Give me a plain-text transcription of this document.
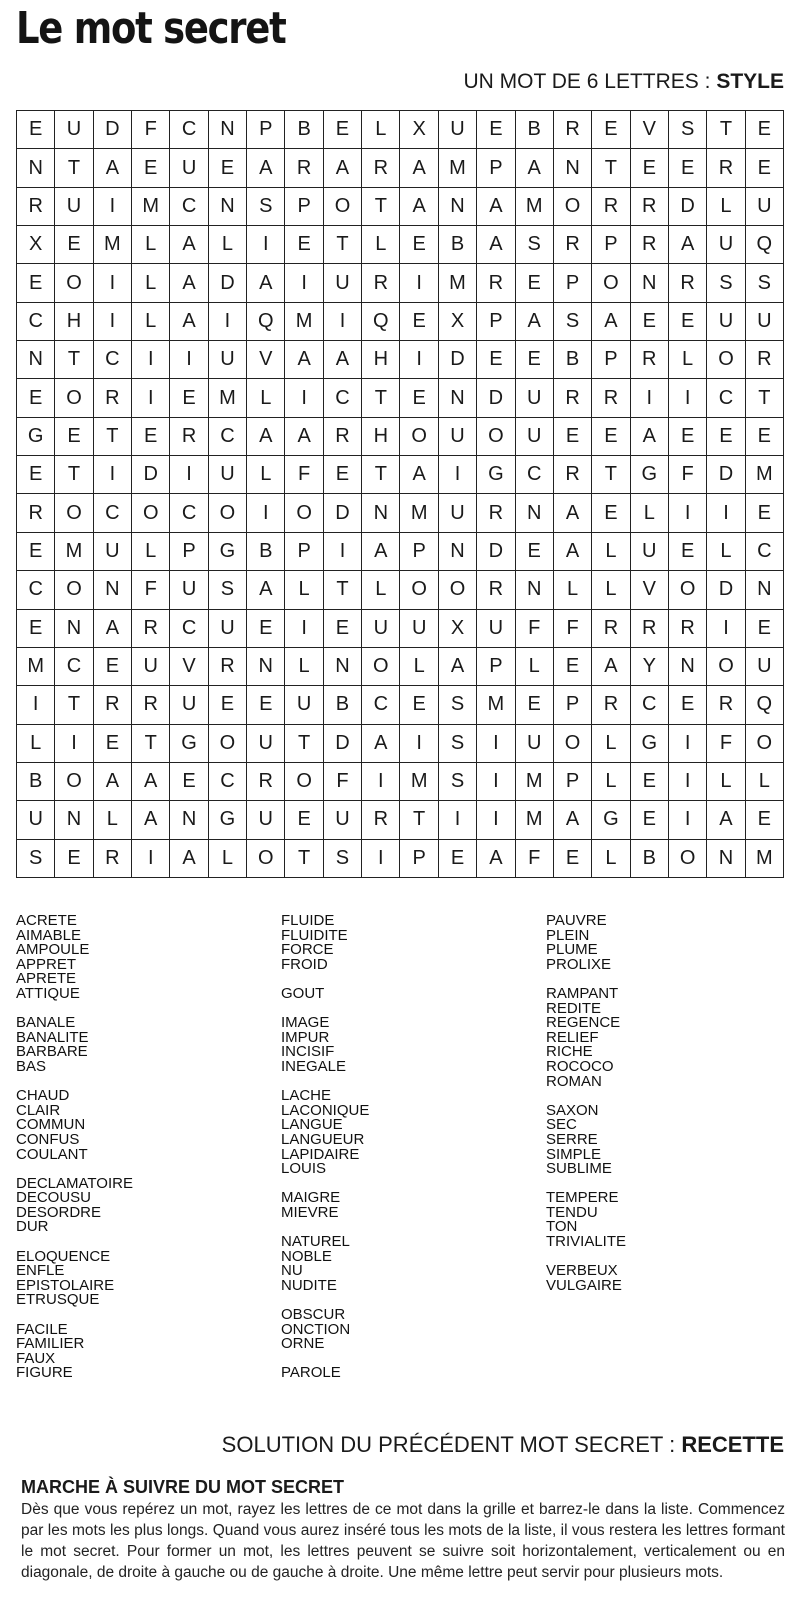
Le mot secret
UN MOT DE 6 LETTRES : STYLE
E	U	D	F	C	N	P	B	E	L	X	U	E	B	R	E	V	S	T	E
N	T	A	E	U	E	A	R	A	R	A	M	P	A	N	T	E	E	R	E
R	U	I	M	C	N	S	P	O	T	A	N	A	M	O	R	R	D	L	U
X	E	M	L	A	L	I	E	T	L	E	B	A	S	R	P	R	A	U	Q
E	O	I	L	A	D	A	I	U	R	I	M	R	E	P	O	N	R	S	S
C	H	I	L	A	I	Q	M	I	Q	E	X	P	A	S	A	E	E	U	U
N	T	C	I	I	U	V	A	A	H	I	D	E	E	B	P	R	L	O	R
E	O	R	I	E	M	L	I	C	T	E	N	D	U	R	R	I	I	C	T
G	E	T	E	R	C	A	A	R	H	O	U	O	U	E	E	A	E	E	E
E	T	I	D	I	U	L	F	E	T	A	I	G	C	R	T	G	F	D	M
R	O	C	O	C	O	I	O	D	N	M	U	R	N	A	E	L	I	I	E
E	M	U	L	P	G	B	P	I	A	P	N	D	E	A	L	U	E	L	C
C	O	N	F	U	S	A	L	T	L	O	O	R	N	L	L	V	O	D	N
E	N	A	R	C	U	E	I	E	U	U	X	U	F	F	R	R	R	I	E
M	C	E	U	V	R	N	L	N	O	L	A	P	L	E	A	Y	N	O	U
I	T	R	R	U	E	E	U	B	C	E	S	M	E	P	R	C	E	R	Q
L	I	E	T	G	O	U	T	D	A	I	S	I	U	O	L	G	I	F	O
B	O	A	A	E	C	R	O	F	I	M	S	I	M	P	L	E	I	L	L
U	N	L	A	N	G	U	E	U	R	T	I	I	M	A	G	E	I	A	E
S	E	R	I	A	L	O	T	S	I	P	E	A	F	E	L	B	O	N	M
ACRETE
AIMABLE
AMPOULE
APPRET
APRETE
ATTIQUE
BANALE
BANALITE
BARBARE
BAS
CHAUD
CLAIR
COMMUN
CONFUS
COULANT
DECLAMATOIRE
DECOUSU
DESORDRE
DUR
ELOQUENCE
ENFLE
EPISTOLAIRE
ETRUSQUE
FACILE
FAMILIER
FAUX
FIGURE
FLUIDE
FLUIDITE
FORCE
FROID
GOUT
IMAGE
IMPUR
INCISIF
INEGALE
LACHE
LACONIQUE
LANGUE
LANGUEUR
LAPIDAIRE
LOUIS
MAIGRE
MIEVRE
NATUREL
NOBLE
NU
NUDITE
OBSCUR
ONCTION
ORNE
PAROLE
PAUVRE
PLEIN
PLUME
PROLIXE
RAMPANT
REDITE
REGENCE
RELIEF
RICHE
ROCOCO
ROMAN
SAXON
SEC
SERRE
SIMPLE
SUBLIME
TEMPERE
TENDU
TON
TRIVIALITE
VERBEUX
VULGAIRE
SOLUTION DU PRÉCÉDENT MOT SECRET : RECETTE
MARCHE À SUIVRE DU MOT SECRET
Dès que vous repérez un mot, rayez les lettres de ce mot dans la grille et barrez-le dans la liste. Commencez par les mots les plus longs. Quand vous aurez inséré tous les mots de la liste, il vous restera les lettres formant le mot secret. Pour former un mot, les lettres peuvent se suivre soit horizontalement, verticalement ou en diagonale, de droite à gauche ou de gauche à droite. Une même lettre peut servir pour plusieurs mots.
